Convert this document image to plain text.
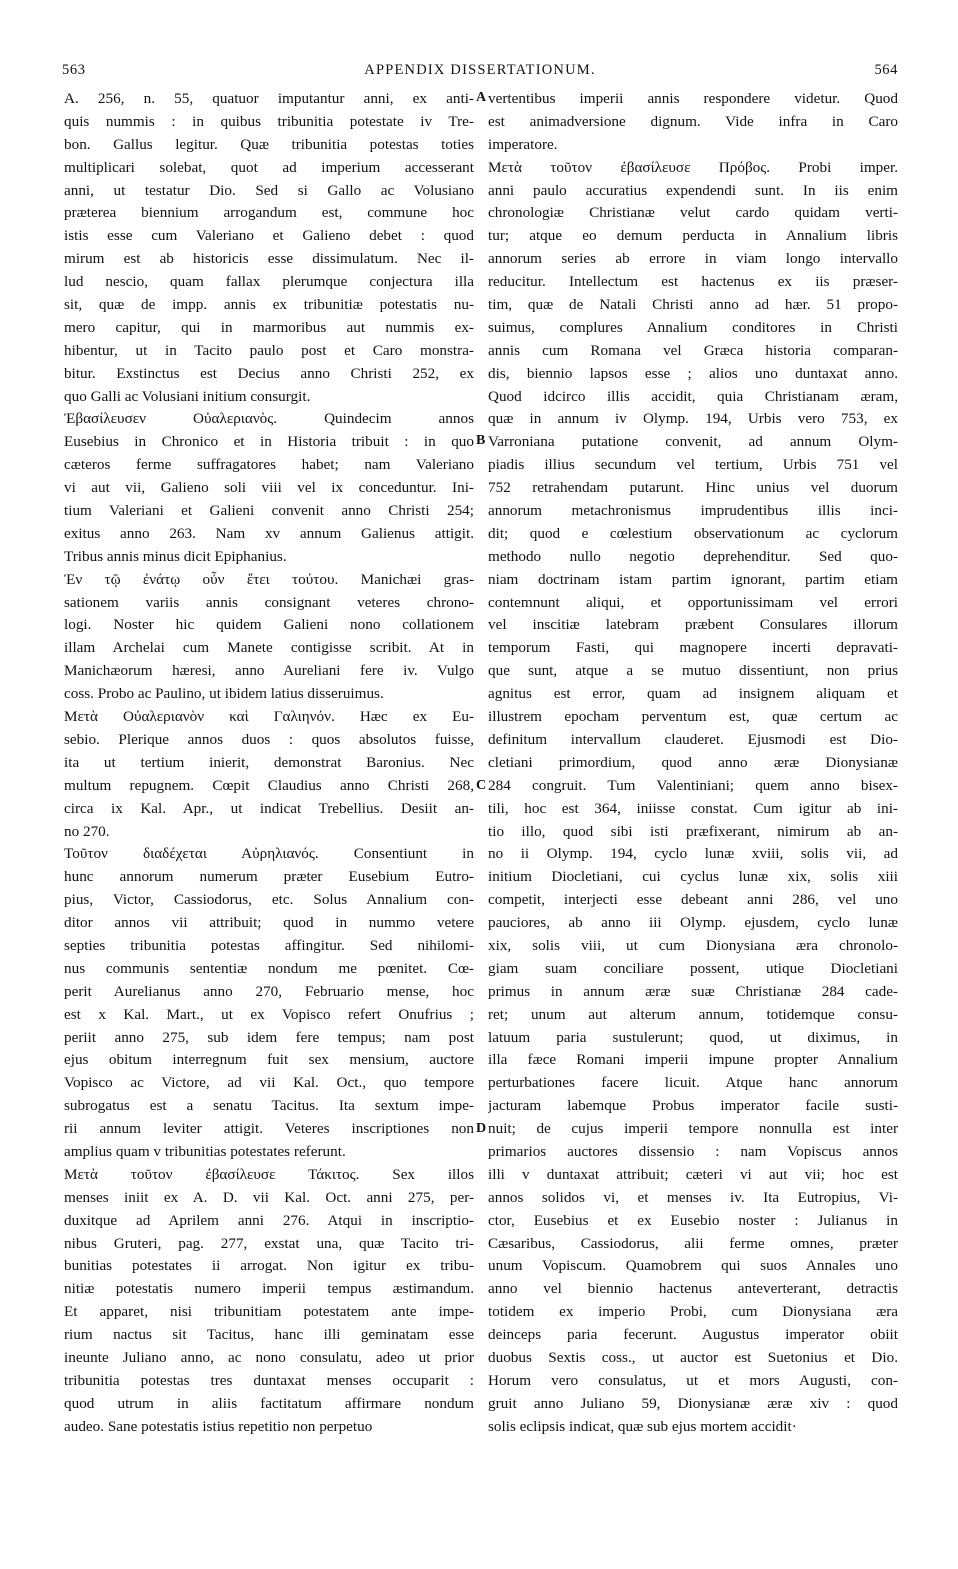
563	APPENDIX DISSERTATIONUM.	564
A. 256, n. 55, quatuor imputantur anni, ex anti-
quis nummis : in quibus tribunitia potestate iv Tre-
bon. Gallus legitur. Quæ tribunitia potestas toties
multiplicari solebat, quot ad imperium accesserant
anni, ut testatur Dio. Sed si Gallo ac Volusiano
præterea biennium arrogandum est, commune hoc
istis esse cum Valeriano et Galieno debet : quod
mirum est ab historicis esse dissimulatum. Nec il-
lud nescio, quam fallax plerumque conjectura illa
sit, quæ de impp. annis ex tribunitiæ potestatis nu-
mero capitur, qui in marmoribus aut nummis ex-
hibentur, ut in Tacito paulo post et Caro monstra-
bitur. Exstinctus est Decius anno Christi 252, ex
quo Galli ac Volusiani initium consurgit.
Ἐβασίλευσεν Οὐαλεριανὸς. Quindecim annos
Eusebius in Chronico et in Historia tribuit : in quo
cæteros ferme suffragatores habet; nam Valeriano
vi aut vii, Galieno soli viii vel ix conceduntur. Ini-
tium Valeriani et Galieni convenit anno Christi 254;
exitus anno 263. Nam xv annum Galienus attigit.
Tribus annis minus dicit Epiphanius.
Ἐν τῷ ἐνάτῳ οὖν ἔτει τούτου. Manichæi gras-
sationem variis annis consignant veteres chrono-
logi. Noster hic quidem Galieni nono collationem
illam Archelai cum Manete contigisse scribit. At in
Manichæorum hæresi, anno Aureliani fere iv. Vulgo
coss. Probo ac Paulino, ut ibidem latius disseruimus.
Μετὰ Οὐαλεριανὸν καὶ Γαλιηνόν. Hæc ex Eu-
sebio. Plerique annos duos : quos absolutos fuisse,
ita ut tertium inierit, demonstrat Baronius. Nec
multum repugnem. Cœpit Claudius anno Christi 268,
circa ix Kal. Apr., ut indicat Trebellius. Desiit an-
no 270.
Τοῦτον διαδέχεται Αὐρηλιανός. Consentiunt in
hunc annorum numerum præter Eusebium Eutro-
pius, Victor, Cassiodorus, etc. Solus Annalium con-
ditor annos vii attribuit; quod in nummo vetere
septies tribunitia potestas affingitur. Sed nihilomi-
nus communis sententiæ nondum me pœnitet. Cœ-
perit Aurelianus anno 270, Februario mense, hoc
est x Kal. Mart., ut ex Vopisco refert Onufrius ;
periit anno 275, sub idem fere tempus; nam post
ejus obitum interregnum fuit sex mensium, auctore
Vopisco ac Victore, ad vii Kal. Oct., quo tempore
subrogatus est a senatu Tacitus. Ita sextum impe-
rii annum leviter attigit. Veteres inscriptiones non
amplius quam v tribunitias potestates referunt.
Μετὰ τοῦτον ἐβασίλευσε Τάκιτος. Sex illos
menses iniit ex A. D. vii Kal. Oct. anni 275, per-
duxitque ad Aprilem anni 276. Atqui in inscriptio-
nibus Gruteri, pag. 277, exstat una, quæ Tacito tri-
bunitias potestates ii arrogat. Non igitur ex tribu-
nitiæ potestatis numero imperii tempus æstimandum.
Et apparet, nisi tribunitiam potestatem ante impe-
rium nactus sit Tacitus, hanc illi geminatam esse
ineunte Juliano anno, ac nono consulatu, adeo ut prior
tribunitia potestas tres duntaxat menses occuparit :
quod utrum in aliis factitatum affirmare nondum
audeo. Sane potestatis istius repetitio non perpetuo
vertentibus imperii annis respondere videtur. Quod
est animadversione dignum. Vide infra in Caro
imperatore.
Μετὰ τοῦτον ἐβασίλευσε Πρόβος. Probi imper.
anni paulo accuratius expendendi sunt. In iis enim
chronologiæ Christianæ velut cardo quidam verti-
tur; atque eo demum perducta in Annalium libris
annorum series ab errore in viam longo intervallo
reducitur. Intellectum est hactenus ex iis præser-
tim, quæ de Natali Christi anno ad hær. 51 propo-
suimus, complures Annalium conditores in Christi
annis cum Romana vel Græca historia comparan-
dis, biennio lapsos esse ; alios uno duntaxat anno.
Quod idcirco illis accidit, quia Christianam æram,
quæ in annum iv Olymp. 194, Urbis vero 753, ex
Varroniana putatione convenit, ad annum Olym-
piadis illius secundum vel tertium, Urbis 751 vel
752 retrahendam putarunt. Hinc unius vel duorum
annorum metachronismus imprudentibus illis inci-
dit; quod e cœlestium observationum ac cyclorum
methodo nullo negotio deprehenditur. Sed quo-
niam doctrinam istam partim ignorant, partim etiam
contemnunt aliqui, et opportunissimam vel errori
vel inscitiæ latebram præbent Consulares illorum
temporum Fasti, qui magnopere incerti depravati-
que sunt, atque a se mutuo dissentiunt, non prius
agnitus est error, quam ad insignem aliquam et
illustrem epocham perventum est, quæ certum ac
definitum intervallum clauderet. Ejusmodi est Dio-
cletiani primordium, quod anno æræ Dionysianæ
284 congruit. Tum Valentiniani; quem anno bisex-
tili, hoc est 364, iniisse constat. Cum igitur ab ini-
tio illo, quod sibi isti præfixerant, nimirum ab an-
no ii Olymp. 194, cyclo lunæ xviii, solis vii, ad
initium Diocletiani, cui cyclus lunæ xix, solis xiii
competit, interjecti esse debeant anni 286, vel uno
pauciores, ab anno iii Olymp. ejusdem, cyclo lunæ
xix, solis viii, ut cum Dionysiana æra chronolo-
giam suam conciliare possent, utique Diocletiani
primus in annum æræ suæ Christianæ 284 cade-
ret; unum aut alterum annum, totidemque consu-
latuum paria sustulerunt; quod, ut diximus, in
illa fæce Romani imperii impune propter Annalium
perturbationes facere licuit. Atque hanc annorum
jacturam labemque Probus imperator facile susti-
nuit; de cujus imperii tempore nonnulla est inter
primarios auctores dissensio : nam Vopiscus annos
illi v duntaxat attribuit; cæteri vi aut vii; hoc est
annos solidos vi, et menses iv. Ita Eutropius, Vi-
ctor, Eusebius et ex Eusebio noster : Julianus in
Cæsaribus, Cassiodorus, alii ferme omnes, præter
unum Vopiscum. Quamobrem qui suos Annales uno
anno vel biennio hactenus anteverterant, detractis
totidem ex imperio Probi, cum Dionysiana æra
deinceps paria fecerunt. Augustus imperator obiit
duobus Sextis coss., ut auctor est Suetonius et Dio.
Horum vero consulatus, ut et mors Augusti, con-
gruit anno Juliano 59, Dionysianæ æræ xiv : quod
solis eclipsis indicat, quæ sub ejus mortem accidit·
A
B
C
D
